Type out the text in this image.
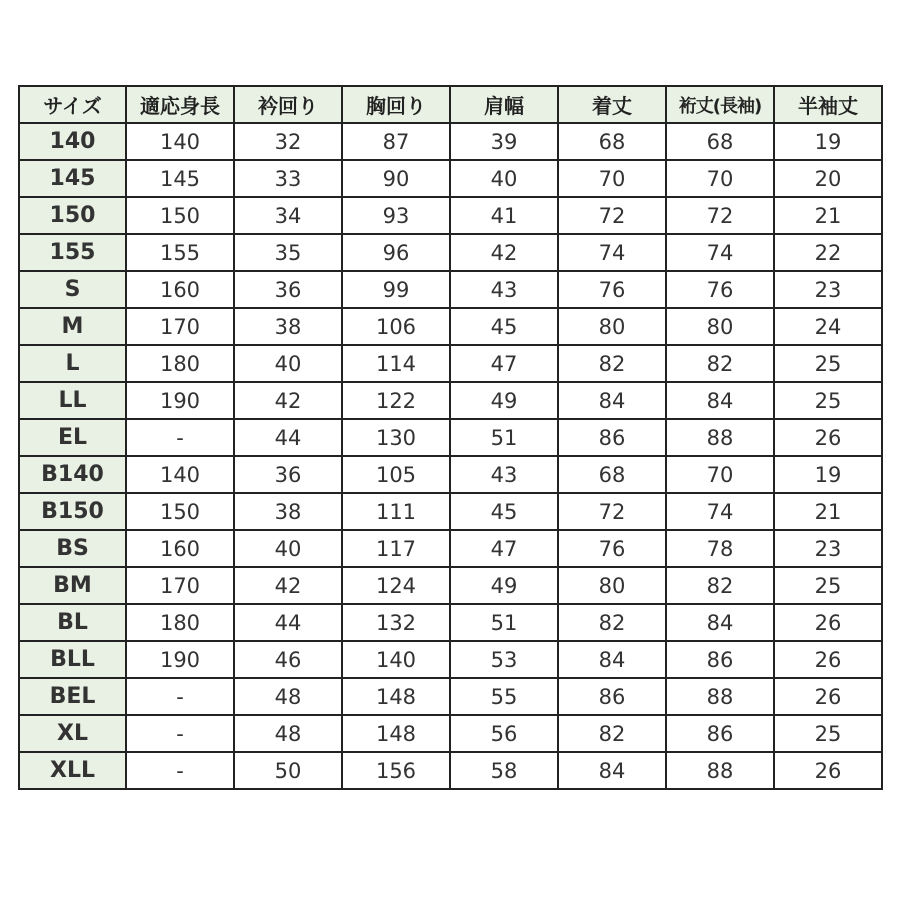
サイズ	適応身長	衿回り	胸回り	肩幅	着丈	裄丈(長袖)	半袖丈
140	140	32	87	39	68	68	19
145	145	33	90	40	70	70	20
150	150	34	93	41	72	72	21
155	155	35	96	42	74	74	22
S	160	36	99	43	76	76	23
M	170	38	106	45	80	80	24
L	180	40	114	47	82	82	25
LL	190	42	122	49	84	84	25
EL	-	44	130	51	86	88	26
B140	140	36	105	43	68	70	19
B150	150	38	111	45	72	74	21
BS	160	40	117	47	76	78	23
BM	170	42	124	49	80	82	25
BL	180	44	132	51	82	84	26
BLL	190	46	140	53	84	86	26
BEL	-	48	148	55	86	88	26
XL	-	48	148	56	82	86	25
XLL	-	50	156	58	84	88	26
